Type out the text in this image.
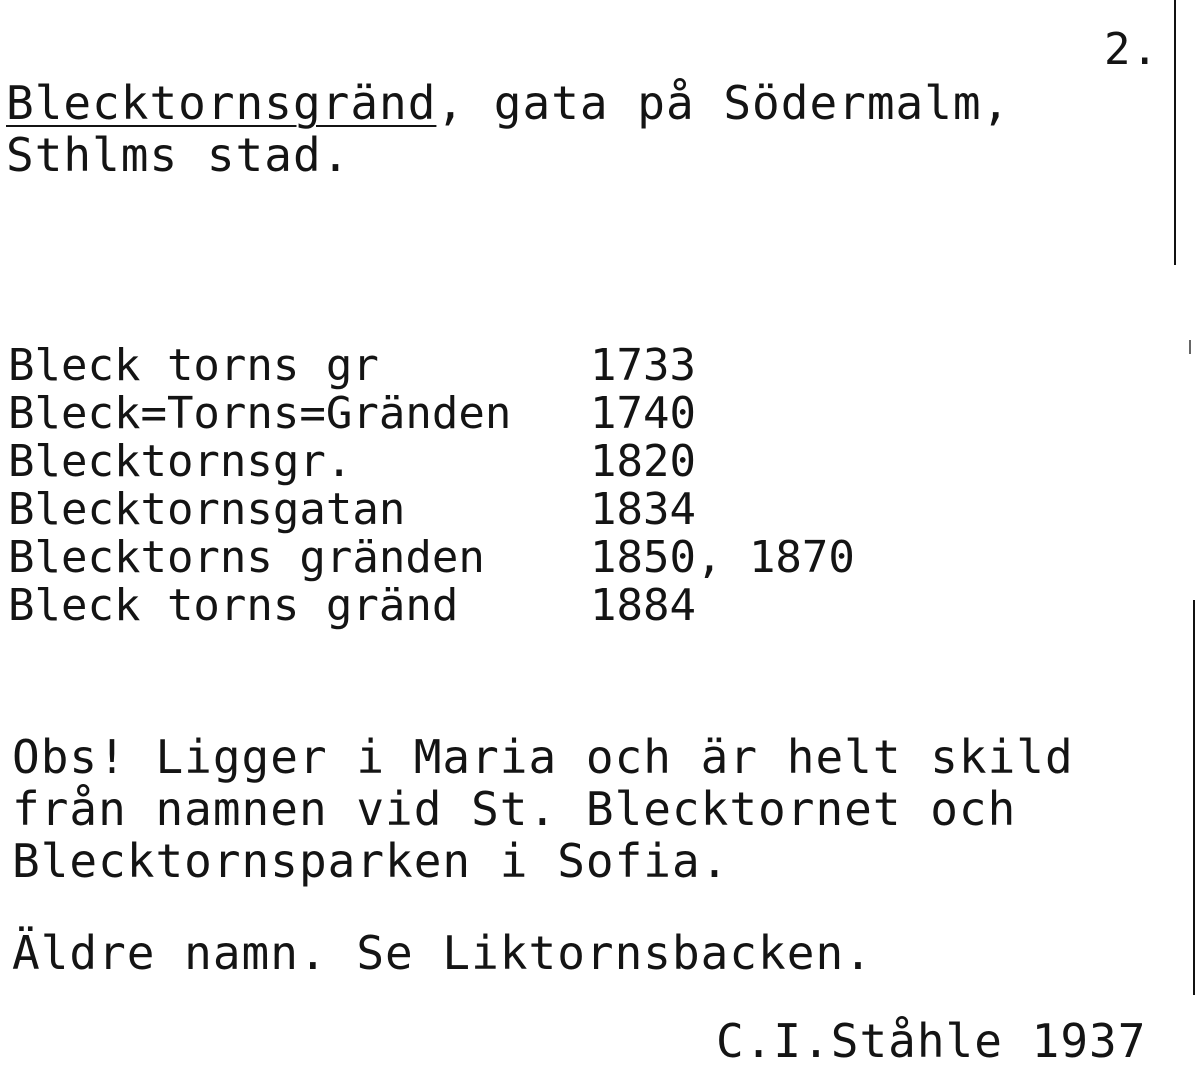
2.
Blecktornsgränd, gata på Södermalm,
Sthlms stad.
Bleck torns gr	1733
Bleck=Torns=Gränden	1740
Blecktornsgr.	1820
Blecktornsgatan	1834
Blecktorns gränden	1850, 1870
Bleck torns gränd	1884
Obs! Ligger i Maria och är helt skild
från namnen vid St. Blecktornet och
Blecktornsparken i Sofia.
Äldre namn. Se Liktornsbacken.
C.I.Ståhle 1937
